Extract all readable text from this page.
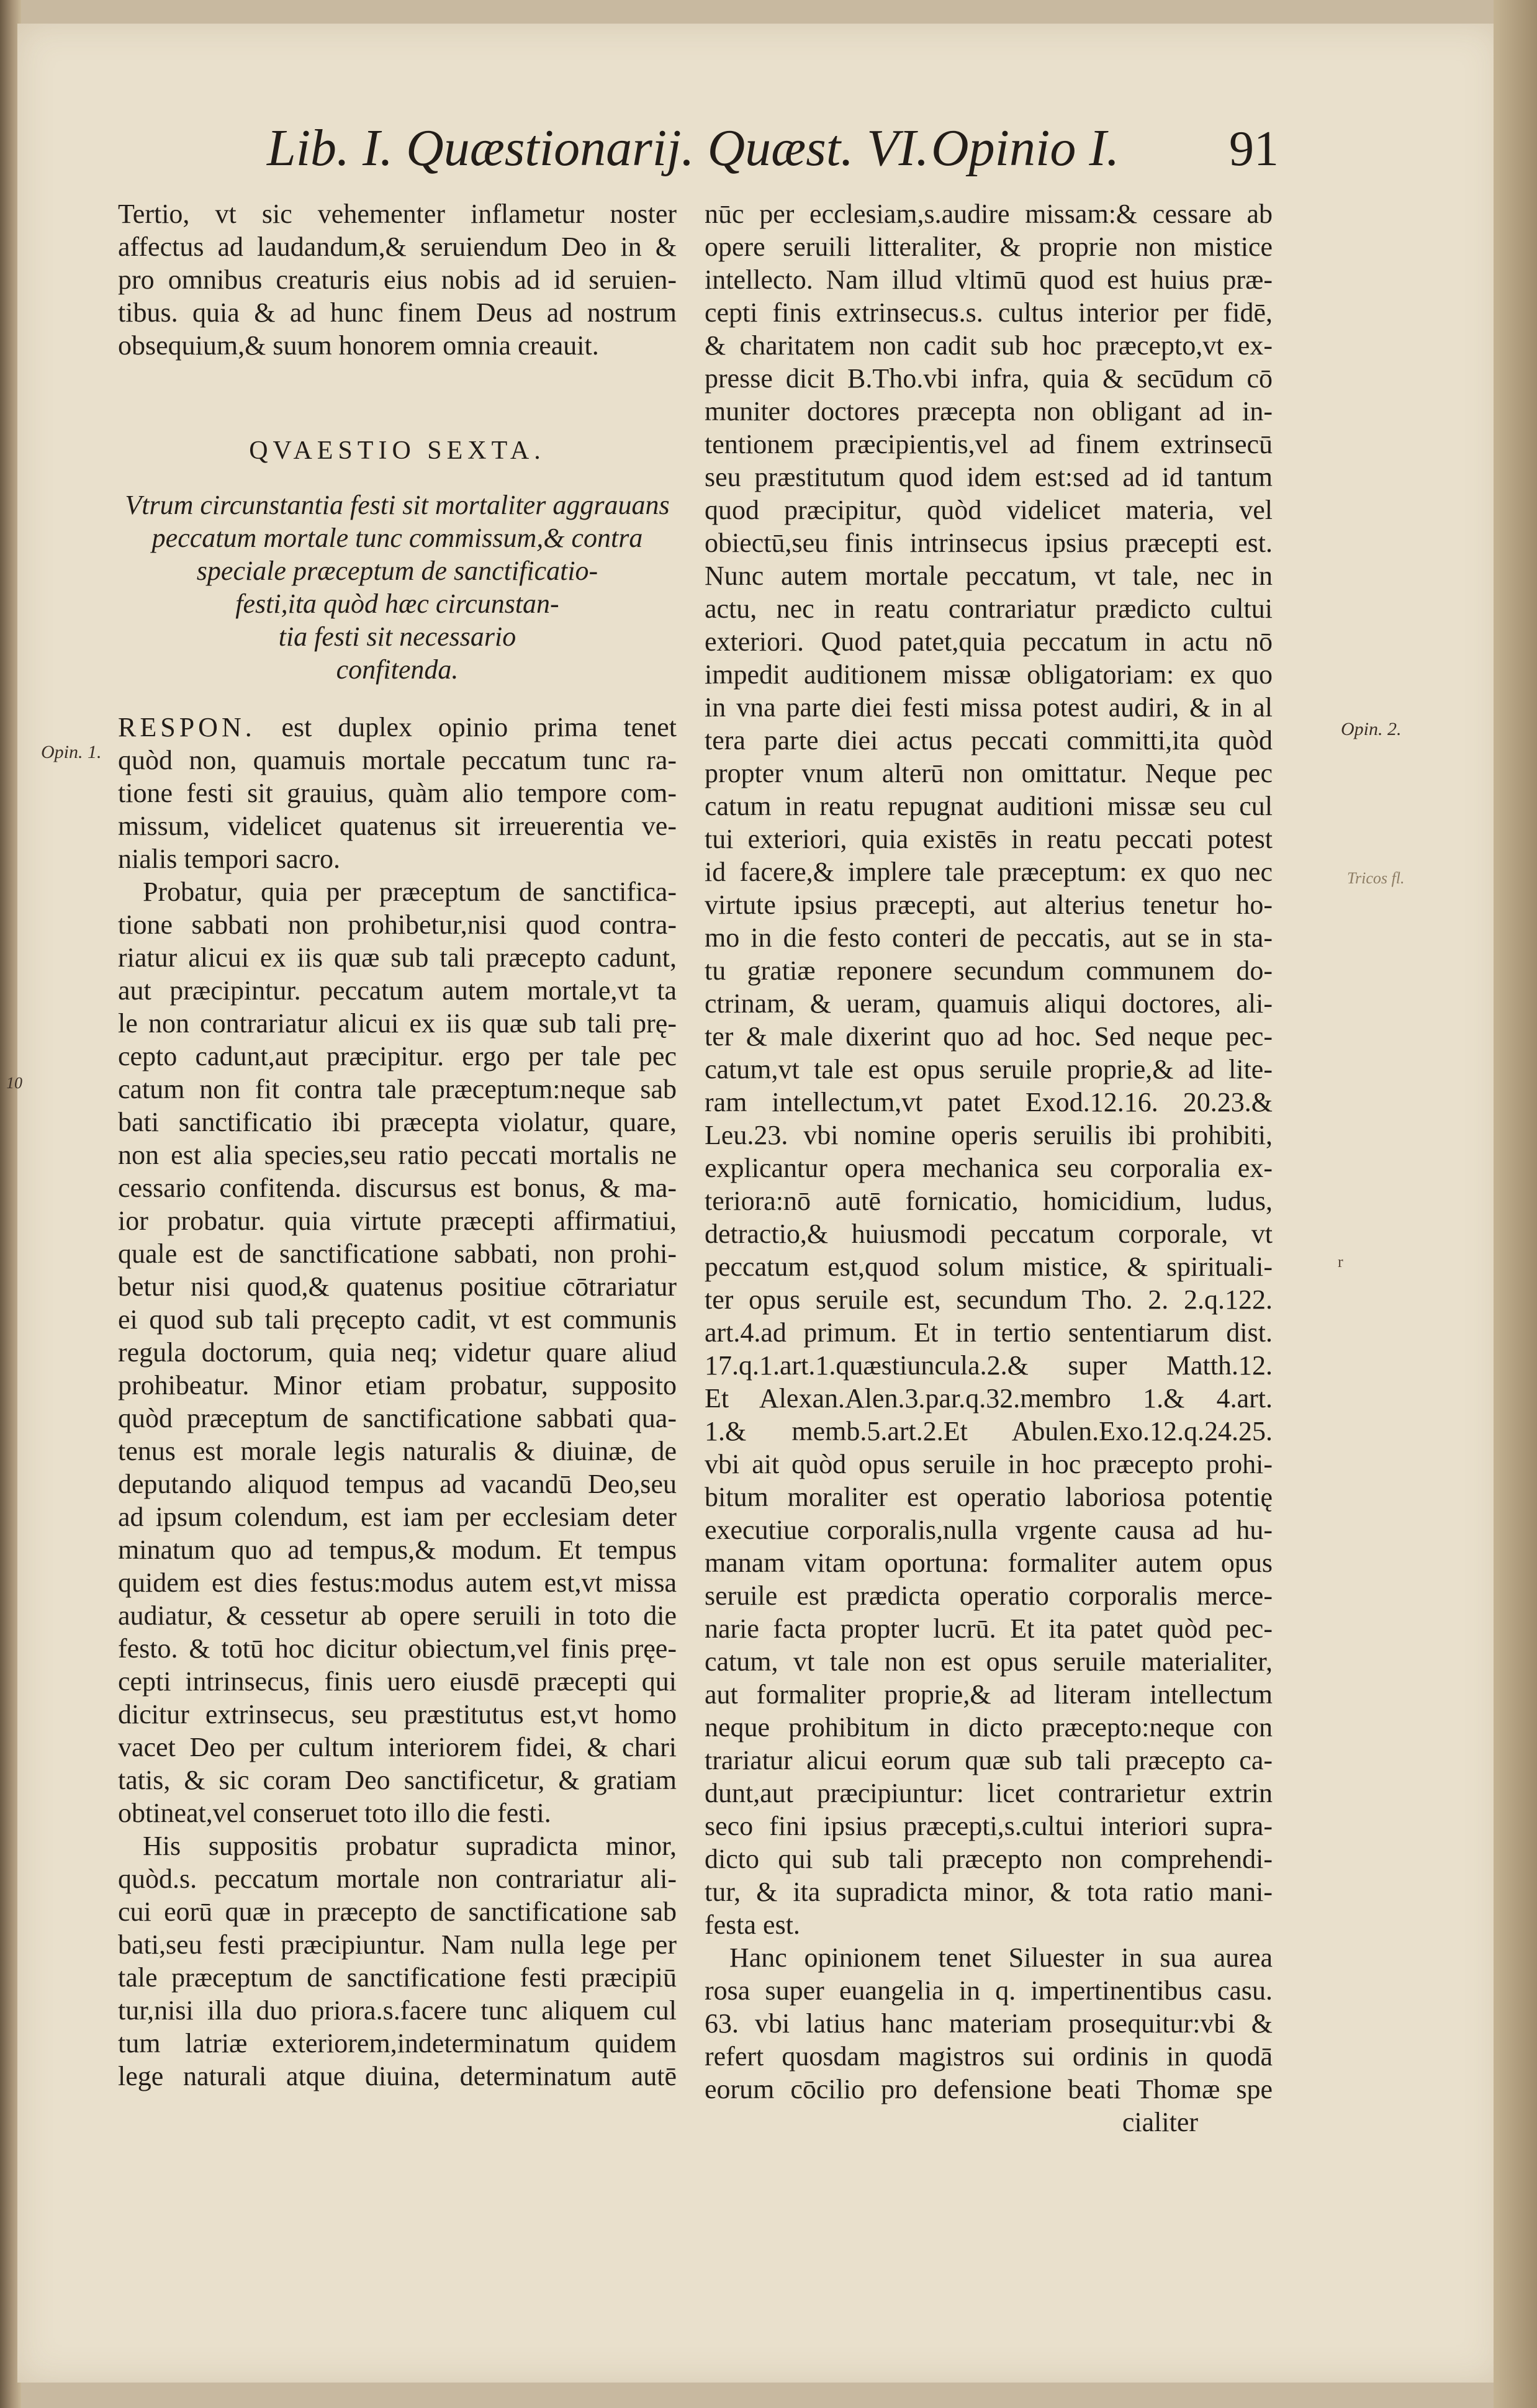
Lib. I. Quæstionarij. Quæst. VI. Opinio I. 91
Opin. 1.
Opin. 2.
Tricos fl.
10

Tertio, vt sic vehementer inflametur noster
affectus ad laudandum,& seruiendum Deo in &
pro omnibus creaturis eius nobis ad id seruien-
tibus. quia & ad hunc finem Deus ad nostrum
obsequium,& suum honorem omnia creauit.

QVAESTIO SEXTA.

Vtrum circunstantia festi sit mortaliter aggrauans
peccatum mortale tunc commissum,& contra
speciale præceptum de sanctificatio-
festi,ita quòd hæc circunstan-
tia festi sit necessario
confitenda.

RESPON. est duplex opinio prima tenet
quòd non, quamuis mortale peccatum tunc ra-
tione festi sit grauius, quàm alio tempore com-
missum, videlicet quatenus sit irreuerentia ve-
nialis tempori sacro.

Probatur, quia per præceptum de sanctifica-
tione sabbati non prohibetur,nisi quod contra-
riatur alicui ex iis quæ sub tali præcepto cadunt,
aut præcipintur. peccatum autem mortale,vt ta
le non contrariatur alicui ex iis quæ sub tali prę-
cepto cadunt,aut præcipitur. ergo per tale pec
catum non fit contra tale præceptum:neque sab
bati sanctificatio ibi præcepta violatur, quare,
non est alia species,seu ratio peccati mortalis ne
cessario confitenda. discursus est bonus, & ma-
ior probatur. quia virtute præcepti affirmatiui,
quale est de sanctificatione sabbati, non prohi-
betur nisi quod,& quatenus positiue cōtrariatur
ei quod sub tali pręcepto cadit, vt est communis
regula doctorum, quia neq; videtur quare aliud
prohibeatur. Minor etiam probatur, supposito
quòd præceptum de sanctificatione sabbati qua-
tenus est morale legis naturalis & diuinæ, de
deputando aliquod tempus ad vacandū Deo,seu
ad ipsum colendum, est iam per ecclesiam deter
minatum quo ad tempus,& modum. Et tempus
quidem est dies festus:modus autem est,vt missa
audiatur, & cessetur ab opere seruili in toto die
festo. & totū hoc dicitur obiectum,vel finis pręe-
cepti intrinsecus, finis uero eiusdē præcepti qui
dicitur extrinsecus, seu præstitutus est,vt homo
vacet Deo per cultum interiorem fidei, & chari
tatis, & sic coram Deo sanctificetur, & gratiam
obtineat,vel conseruet toto illo die festi.

His suppositis probatur supradicta minor,
quòd.s. peccatum mortale non contrariatur ali-
cui eorū quæ in præcepto de sanctificatione sab
bati,seu festi præcipiuntur. Nam nulla lege per
tale præceptum de sanctificatione festi præcipiū
tur,nisi illa duo priora.s.facere tunc aliquem cul
tum latriæ exteriorem,indeterminatum quidem
lege naturali atque diuina, determinatum autē

nūc per ecclesiam,s.audire missam:& cessare ab
opere seruili litteraliter, & proprie non mistice
intellecto. Nam illud vltimū quod est huius præ-
cepti finis extrinsecus.s. cultus interior per fidē,
& charitatem non cadit sub hoc præcepto,vt ex-
presse dicit B.Tho.vbi infra, quia & secūdum cō
muniter doctores præcepta non obligant ad in-
tentionem præcipientis,vel ad finem extrinsecū
seu præstitutum quod idem est:sed ad id tantum
quod præcipitur, quòd videlicet materia, vel
obiectū,seu finis intrinsecus ipsius præcepti est.
Nunc autem mortale peccatum, vt tale, nec in
actu, nec in reatu contrariatur prædicto cultui
exteriori. Quod patet,quia peccatum in actu nō
impedit auditionem missæ obligatoriam: ex quo
in vna parte diei festi missa potest audiri, & in al
tera parte diei actus peccati committi,ita quòd
propter vnum alterū non omittatur. Neque pec
catum in reatu repugnat auditioni missæ seu cul
tui exteriori, quia existēs in reatu peccati potest
id facere,& implere tale præceptum: ex quo nec
virtute ipsius præcepti, aut alterius tenetur ho-
mo in die festo conteri de peccatis, aut se in sta-
tu gratiæ reponere secundum communem do-
ctrinam, & ueram, quamuis aliqui doctores, ali-
ter & male dixerint quo ad hoc. Sed neque pec-
catum,vt tale est opus seruile proprie,& ad lite-
ram intellectum,vt patet Exod.12.16. 20.23.&
Leu.23. vbi nomine operis seruilis ibi prohibiti,
explicantur opera mechanica seu corporalia ex-
teriora:nō autē fornicatio, homicidium, ludus,
detractio,& huiusmodi peccatum corporale, vt
peccatum est,quod solum mistice, & spirituali-
ter opus seruile est, secundum Tho. 2. 2.q.122.
art.4.ad primum. Et in tertio sententiarum dist.
17.q.1.art.1.quæstiuncula.2.& super Matth.12.
Et Alexan.Alen.3.par.q.32.membro 1.& 4.art.
1.& memb.5.art.2.Et Abulen.Exo.12.q.24.25.
vbi ait quòd opus seruile in hoc præcepto prohi-
bitum moraliter est operatio laboriosa potentię
executiue corporalis,nulla vrgente causa ad hu-
manam vitam oportuna: formaliter autem opus
seruile est prædicta operatio corporalis merce-
narie facta propter lucrū. Et ita patet quòd pec-
catum, vt tale non est opus seruile materialiter,
aut formaliter proprie,& ad literam intellectum
neque prohibitum in dicto præcepto:neque con
trariatur alicui eorum quæ sub tali præcepto ca-
dunt,aut præcipiuntur: licet contrarietur extrin
seco fini ipsius præcepti,s.cultui interiori supra-
dicto qui sub tali præcepto non comprehendi-
tur, & ita supradicta minor, & tota ratio mani-
festa est.

Hanc opinionem tenet Siluester in sua aurea
rosa super euangelia in q. impertinentibus casu.
63. vbi latius hanc materiam prosequitur:vbi &
refert quosdam magistros sui ordinis in quodā
eorum cōcilio pro defensione beati Thomæ spe

cialiter

r
